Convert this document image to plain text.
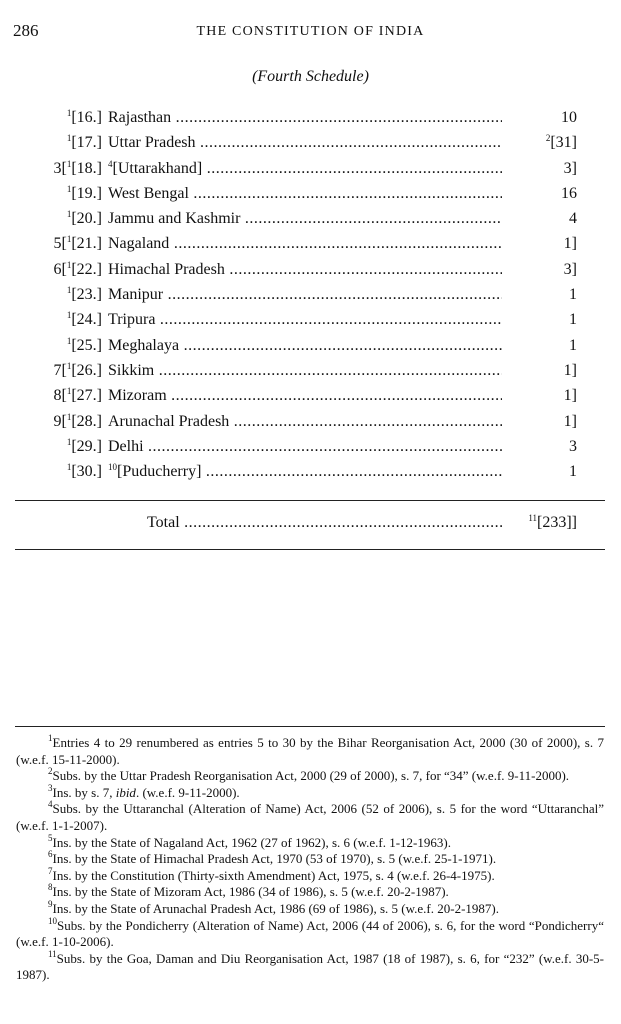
286	THE CONSTITUTION OF INDIA
(Fourth Schedule)
$^1$[16.] Rajasthan .....	10
$^1$[17.] Uttar Pradesh .....	$^2$[31]
3[$^1$[18.] $^4$[Uttarakhand] .....	3]
$^1$[19.] West Bengal .....	16
$^1$[20.] Jammu and Kashmir .....	4
5[$^1$[21.] Nagaland .....	1]
6[$^1$[22.] Himachal Pradesh .....	3]
$^1$[23.] Manipur .....	1
$^1$[24.] Tripura .....	1
$^1$[25.] Meghalaya .....	1
7[$^1$[26.] Sikkim .....	1]
8[$^1$[27.] Mizoram .....	1]
9[$^1$[28.] Arunachal Pradesh .....	1]
$^1$[29.] Delhi .....	3
$^1$[30.] $^{10}$[Puducherry] .....	1
Total .....	$^{11}$[233]]

$^1$Entries 4 to 29 renumbered as entries 5 to 30 by the Bihar Reorganisation Act, 2000 (30 of 2000), s. 7 (w.e.f. 15-11-2000).

$^2$Subs. by the Uttar Pradesh Reorganisation Act, 2000 (29 of 2000), s. 7, for “34” (w.e.f. 9-11-2000).

$^3$Ins. by s. 7, ibid. (w.e.f. 9-11-2000).

$^4$Subs. by the Uttaranchal (Alteration of Name) Act, 2006 (52 of 2006), s. 5 for the word “Uttaranchal” (w.e.f. 1-1-2007).

$^5$Ins. by the State of Nagaland Act, 1962 (27 of 1962), s. 6 (w.e.f. 1-12-1963).

$^6$Ins. by the State of Himachal Pradesh Act, 1970 (53 of 1970), s. 5 (w.e.f. 25-1-1971).

$^7$Ins. by the Constitution (Thirty-sixth Amendment) Act, 1975, s. 4 (w.e.f. 26-4-1975).

$^8$Ins. by the State of Mizoram Act, 1986 (34 of 1986), s. 5 (w.e.f. 20-2-1987).

$^9$Ins. by the State of Arunachal Pradesh Act, 1986 (69 of 1986), s. 5 (w.e.f. 20-2-1987).

$^{10}$Subs. by the Pondicherry (Alteration of Name) Act, 2006 (44 of 2006), s. 6, for the word “Pondicherry“ (w.e.f. 1-10-2006).

$^{11}$Subs. by the Goa, Daman and Diu Reorganisation Act, 1987 (18 of 1987), s. 6, for “232” (w.e.f. 30-5-1987).
